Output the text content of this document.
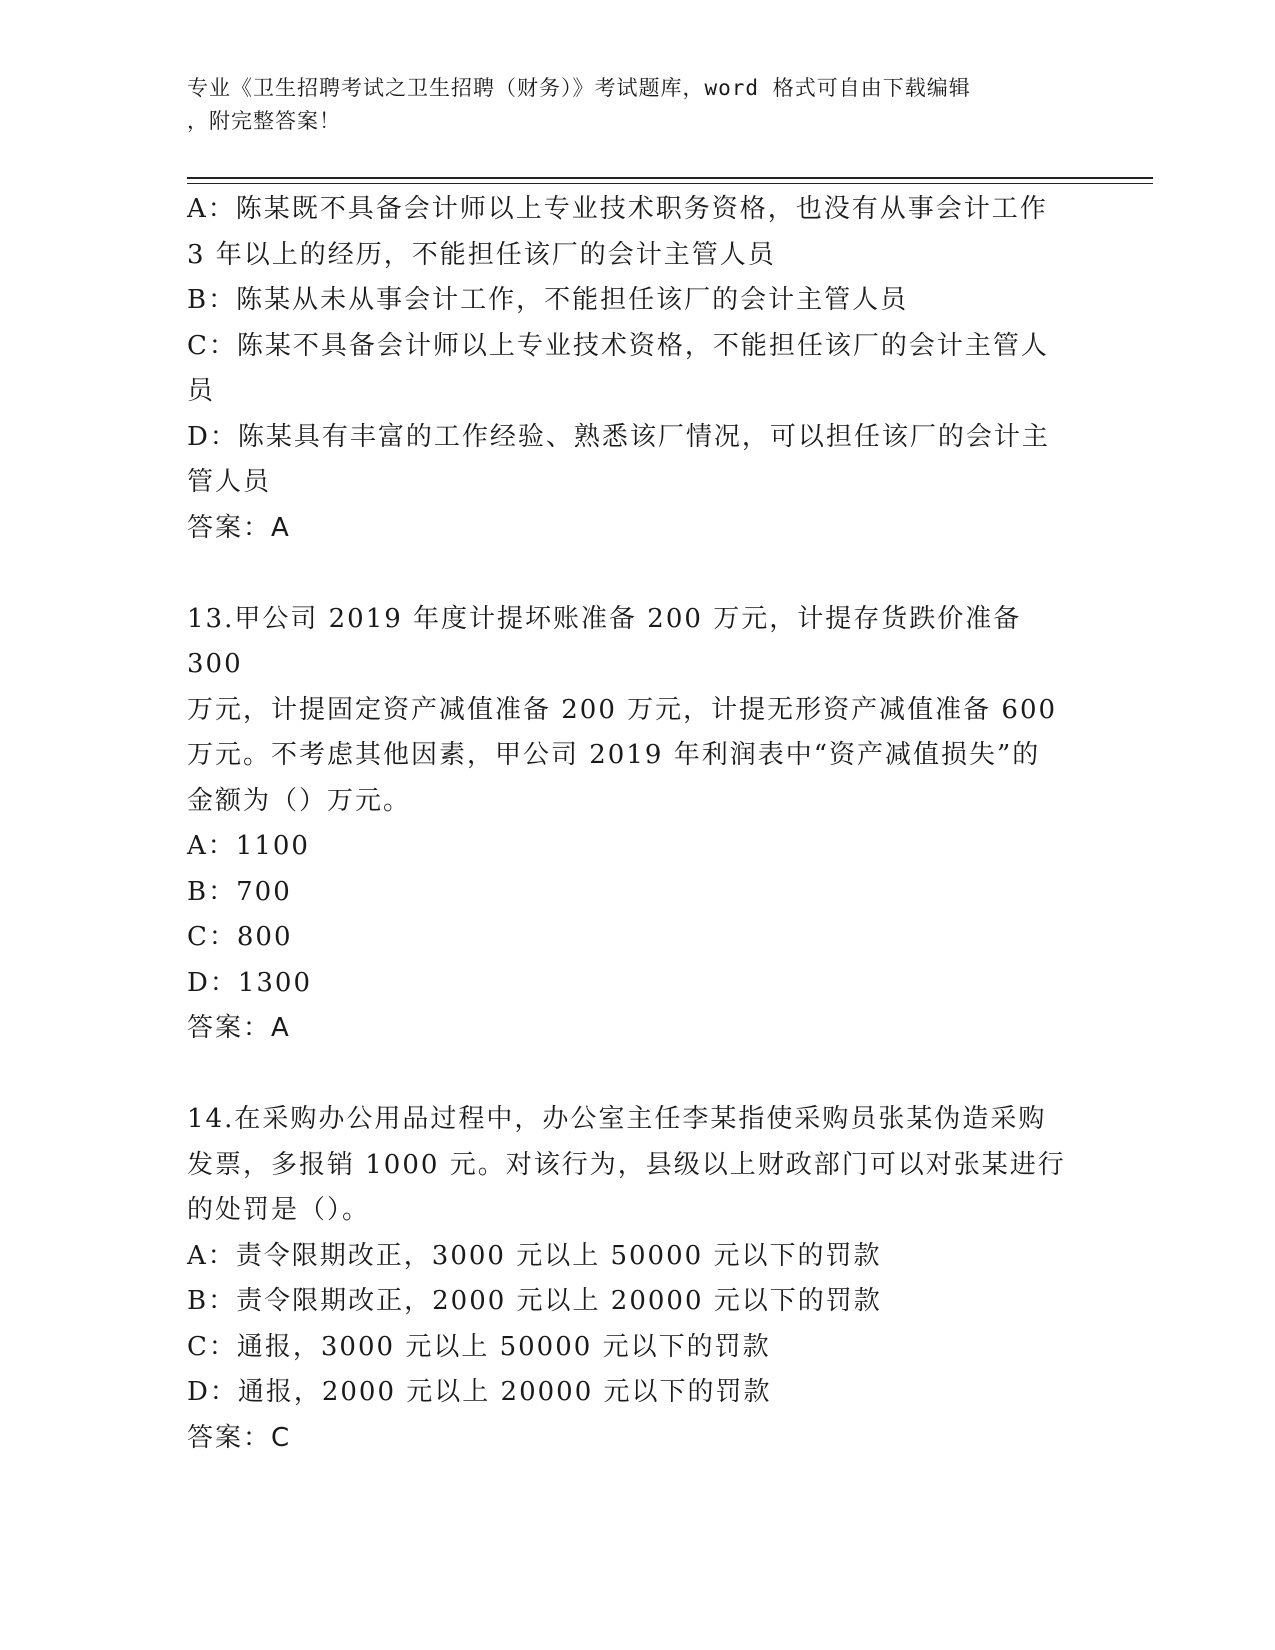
专业《卫生招聘考试之卫生招聘（财务）》考试题库，word 格式可自由下载编辑
，附完整答案！
A：陈某既不具备会计师以上专业技术职务资格，也没有从事会计工作
3 年以上的经历，不能担任该厂的会计主管人员
B：陈某从未从事会计工作，不能担任该厂的会计主管人员
C：陈某不具备会计师以上专业技术资格，不能担任该厂的会计主管人
员
D：陈某具有丰富的工作经验、熟悉该厂情况，可以担任该厂的会计主
管人员
答案：A
13.甲公司 2019 年度计提坏账准备 200 万元，计提存货跌价准备 300
万元，计提固定资产减值准备 200 万元，计提无形资产减值准备 600
万元。不考虑其他因素，甲公司 2019 年利润表中“资产减值损失”的
金额为（）万元。
A：1100
B：700
C：800
D：1300
答案：A
14.在采购办公用品过程中，办公室主任李某指使采购员张某伪造采购
发票，多报销 1000 元。对该行为，县级以上财政部门可以对张某进行
的处罚是（）。
A：责令限期改正，3000 元以上 50000 元以下的罚款
B：责令限期改正，2000 元以上 20000 元以下的罚款
C：通报，3000 元以上 50000 元以下的罚款
D：通报，2000 元以上 20000 元以下的罚款
答案：C
